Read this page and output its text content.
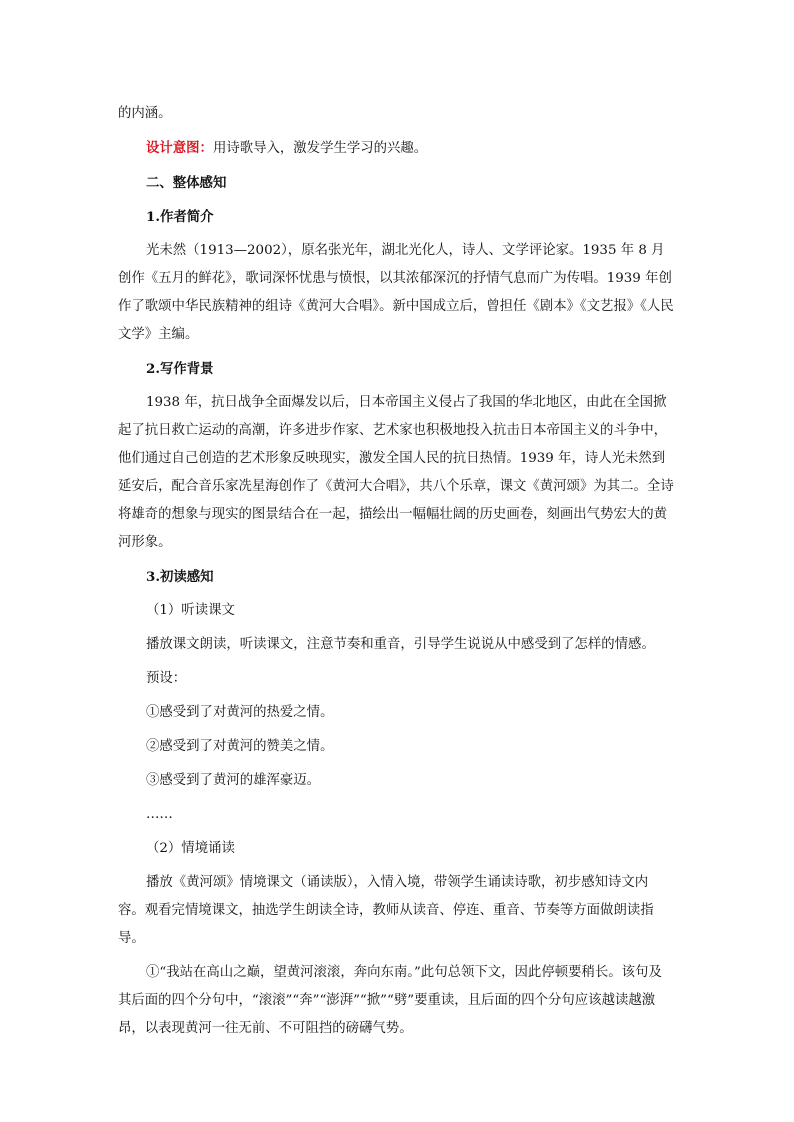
的内涵。

设计意图：用诗歌导入，激发学生学习的兴趣。

二、整体感知

1.作者简介

光未然（1913—2002），原名张光年，湖北光化人，诗人、文学评论家。1935 年 8 月创作《五月的鲜花》，歌词深怀忧患与愤恨，以其浓郁深沉的抒情气息而广为传唱。1939 年创作了歌颂中华民族精神的组诗《黄河大合唱》。新中国成立后，曾担任《剧本》《文艺报》《人民文学》主编。

2.写作背景

1938 年，抗日战争全面爆发以后，日本帝国主义侵占了我国的华北地区，由此在全国掀起了抗日救亡运动的高潮，许多进步作家、艺术家也积极地投入抗击日本帝国主义的斗争中，他们通过自己创造的艺术形象反映现实，激发全国人民的抗日热情。1939 年，诗人光未然到延安后，配合音乐家冼星海创作了《黄河大合唱》，共八个乐章，课文《黄河颂》为其二。全诗将雄奇的想象与现实的图景结合在一起，描绘出一幅幅壮阔的历史画卷，刻画出气势宏大的黄河形象。

3.初读感知

（1）听读课文

播放课文朗读，听读课文，注意节奏和重音，引导学生说说从中感受到了怎样的情感。

预设：

①感受到了对黄河的热爱之情。

②感受到了对黄河的赞美之情。

③感受到了黄河的雄浑豪迈。

……

（2）情境诵读

播放《黄河颂》情境课文（诵读版），入情入境，带领学生诵读诗歌，初步感知诗文内容。观看完情境课文，抽选学生朗读全诗，教师从读音、停连、重音、节奏等方面做朗读指导。

①“我站在高山之巅，望黄河滚滚，奔向东南。”此句总领下文，因此停顿要稍长。该句及其后面的四个分句中，“滚滚”“奔”“澎湃”“掀”“劈”要重读，且后面的四个分句应该越读越激昂，以表现黄河一往无前、不可阻挡的磅礴气势。
